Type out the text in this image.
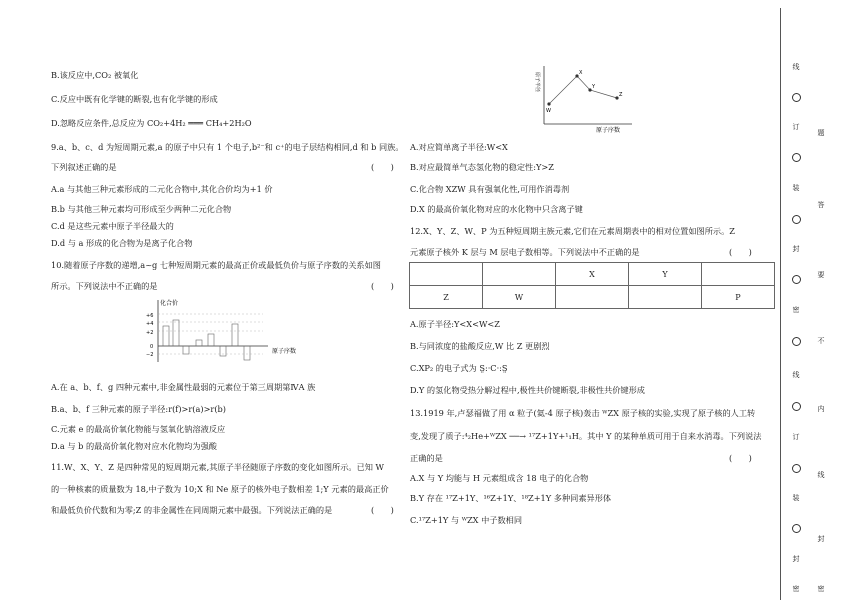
B.该反应中,CO₂ 被氧化
C.反应中既有化学键的断裂,也有化学键的形成
D.忽略反应条件,总反应为 CO₂+4H₂ ═══ CH₄+2H₂O
9.a、b、c、d 为短周期元素,a 的原子中只有 1 个电子,b²⁻和 c⁺的电子层结构相同,d 和 b 同族。
下列叙述正确的是	(　　)
A.a 与其他三种元素形成的二元化合物中,其化合价均为+1 价
B.b 与其他三种元素均可形成至少两种二元化合物
C.d 是这些元素中原子半径最大的
D.d 与 a 形成的化合物为是离子化合物
10.随着原子序数的递增,a~g 七种短周期元素的最高正价或最低负价与原子序数的关系如图
所示。下列说法中不正确的是	(　　)
化合价
原子序数
+6
+4
+2
0
−2
A.在 a、b、f、g 四种元素中,非金属性最弱的元素位于第三周期第ⅣA 族
B.a、b、f 三种元素的原子半径:r(f)>r(a)>r(b)
C.元素 e 的最高价氧化物能与氢氧化钠溶液反应
D.a 与 b 的最高价氧化物对应水化物均为强酸
11.W、X、Y、Z 是四种常见的短周期元素,其原子半径随原子序数的变化如图所示。已知 W
的一种核素的质量数为 18,中子数为 10;X 和 Ne 原子的核外电子数相差 1;Y 元素的最高正价
和最低负价代数和为零;Z 的非金属性在同周期元素中最强。下列说法正确的是	(　　)
原子半径
原子序数
W
X
Y
Z
A.对应简单离子半径:W<X
B.对应最简单气态氢化物的稳定性:Y>Z
C.化合物 XZW 具有强氧化性,可用作消毒剂
D.X 的最高价氧化物对应的水化物中只含离子键
12.X、Y、Z、W、P 为五种短周期主族元素,它们在元素周期表中的相对位置如图所示。Z
元素原子核外 K 层与 M 层电子数相等。下列说法中不正确的是	(　　)
		X	Y	
Z	W			P
A.原子半径:Y<X<W<Z
B.与同浓度的盐酸反应,W 比 Z 更剧烈
C.XP₂ 的电子式为 S̤:·C·:S̤
D.Y 的氢化物受热分解过程中,极性共价键断裂,非极性共价键形成
13.1919 年,卢瑟福做了用 α 粒子(氦-4 原子核)轰击 ᵂZX 原子核的实验,实现了原子核的人工转
变,发现了质子:⁴₂He+ᵂZX ──→ ¹⁷Z+1Y+¹₁H。其中 Y 的某种单质可用于自来水消毒。下列说法
正确的是	(　　)
A.X 与 Y 均能与 H 元素组成含 18 电子的化合物
B.Y 存在 ¹⁷Z+1Y、¹⁶Z+1Y、¹⁸Z+1Y 多种同素异形体
C.¹⁷Z+1Y 与 ᵂZX 中子数相同
线
订
装
封
密
线
订
装
封
密
题
答
要
不
内
线
封
密
